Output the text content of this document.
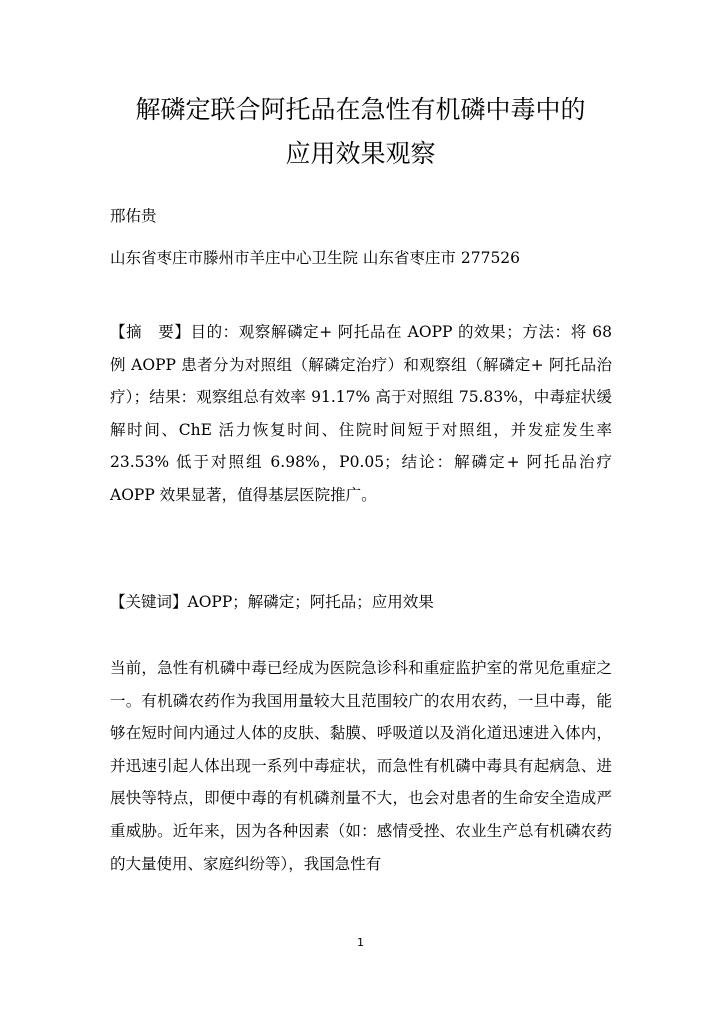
解磷定联合阿托品在急性有机磷中毒中的
应用效果观察

邢佑贵

山东省枣庄市滕州市羊庄中心卫生院 山东省枣庄市 277526

【摘　要】目的：观察解磷定+ 阿托品在 AOPP 的效果；方法：将 68 例 AOPP 患者分为对照组（解磷定治疗）和观察组（解磷定+ 阿托品治疗）；结果：观察组总有效率 91.17% 高于对照组 75.83%，中毒症状缓解时间、ChE 活力恢复时间、住院时间短于对照组，并发症发生率 23.53% 低于对照组 6.98%，P0.05；结论：解磷定+ 阿托品治疗 AOPP 效果显著，值得基层医院推广。

【关键词】AOPP；解磷定；阿托品；应用效果

当前，急性有机磷中毒已经成为医院急诊科和重症监护室的常见危重症之一。有机磷农药作为我国用量较大且范围较广的农用农药，一旦中毒，能够在短时间内通过人体的皮肤、黏膜、呼吸道以及消化道迅速进入体内，并迅速引起人体出现一系列中毒症状，而急性有机磷中毒具有起病急、进展快等特点，即便中毒的有机磷剂量不大，也会对患者的生命安全造成严重威胁。近年来，因为各种因素（如：感情受挫、农业生产总有机磷农药的大量使用、家庭纠纷等），我国急性有

1
